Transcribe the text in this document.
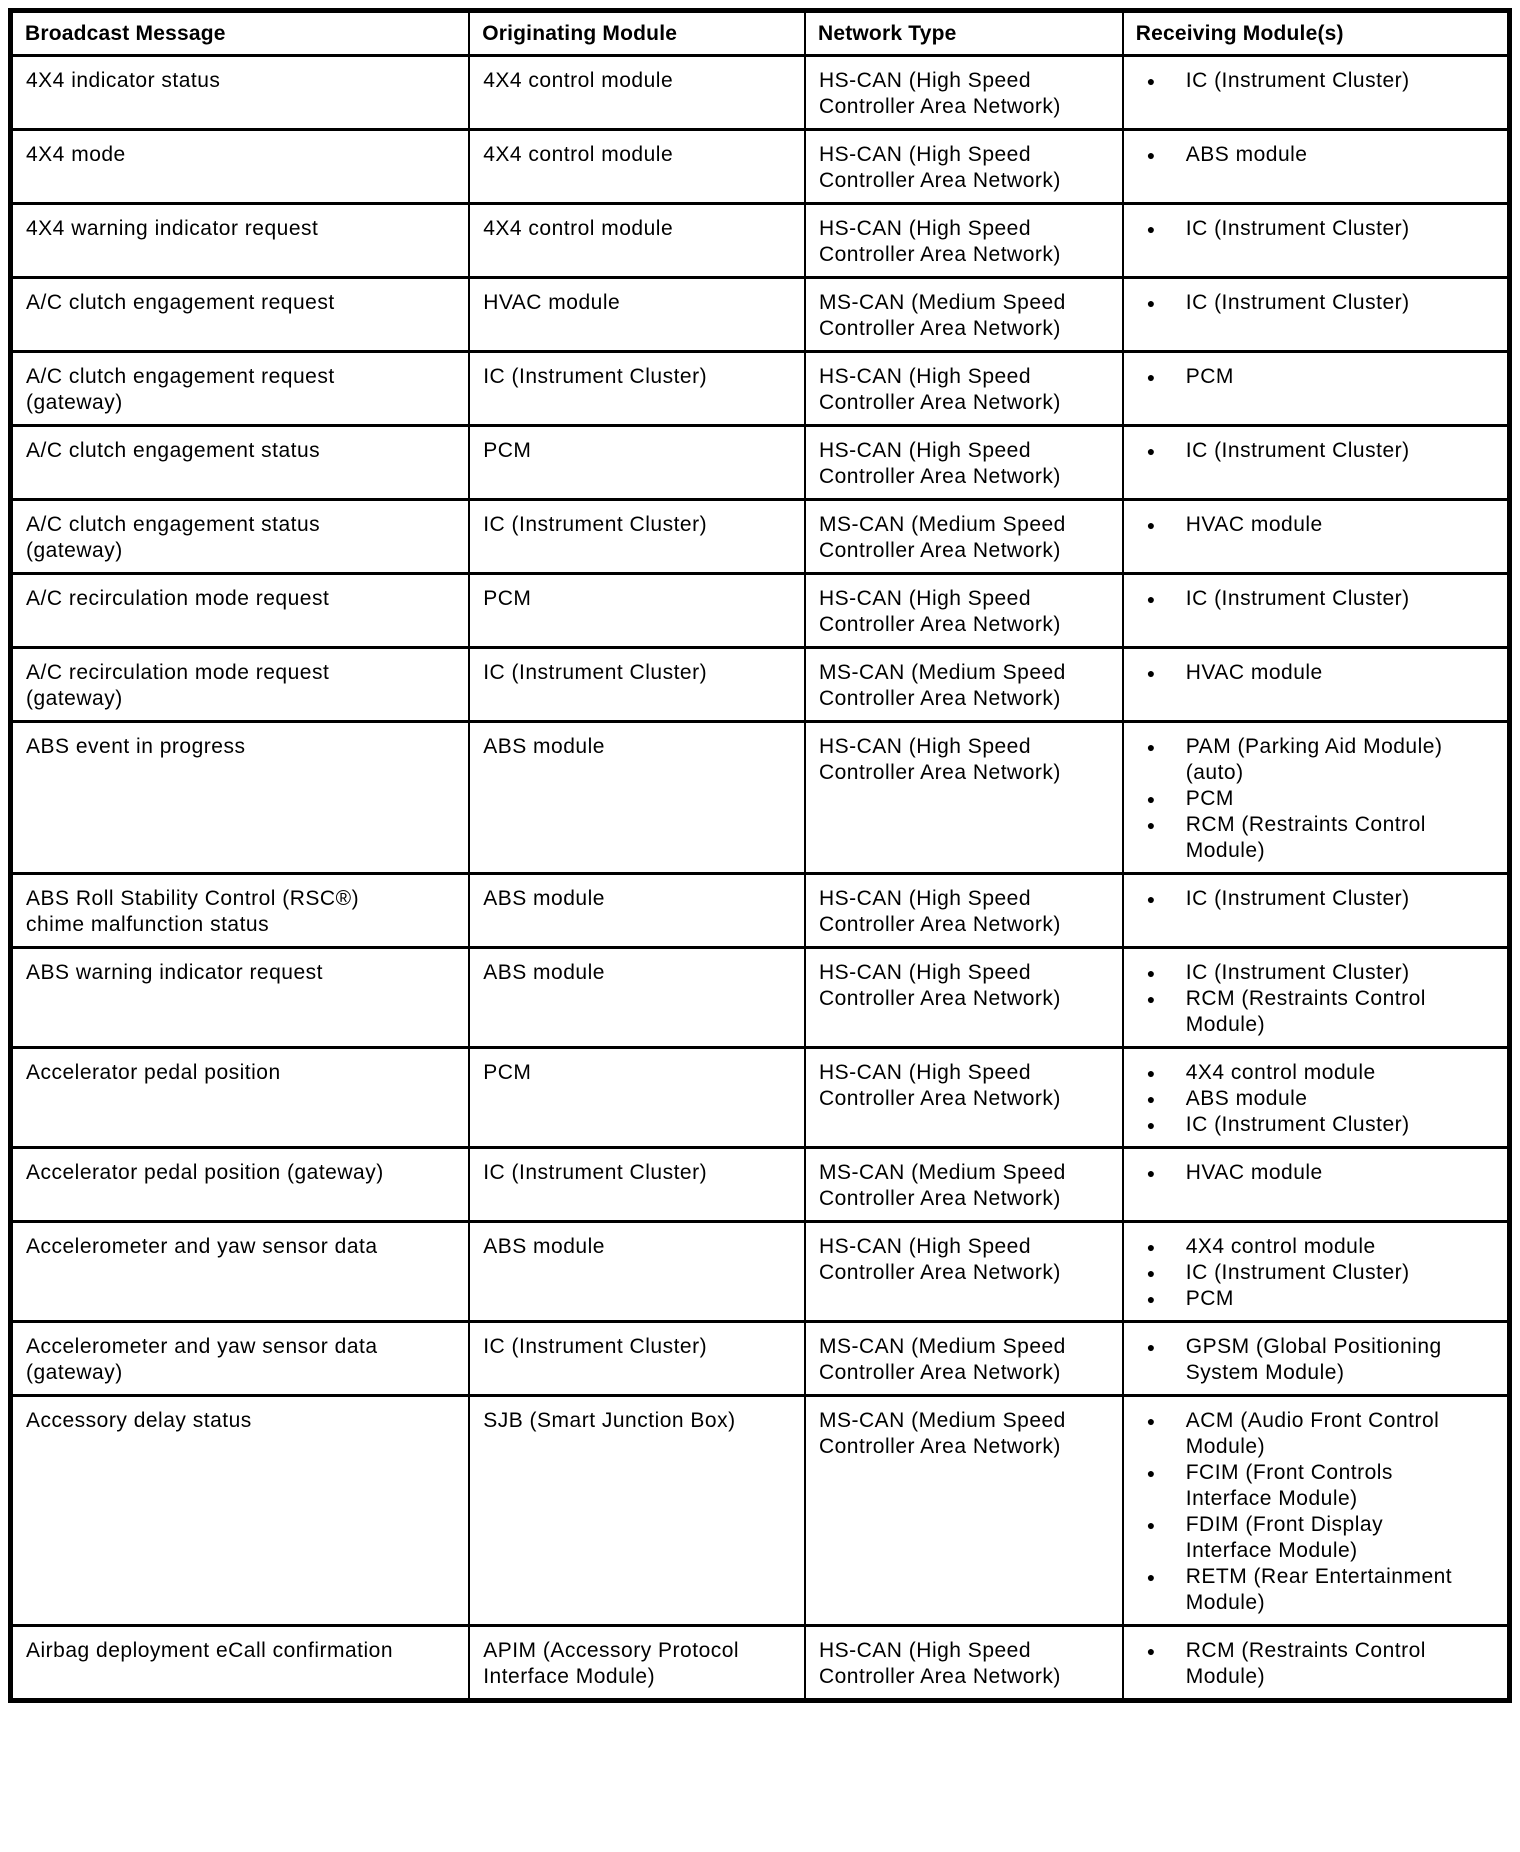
Broadcast Message	Originating Module	Network Type	Receiving Module(s)
4X4 indicator status	4X4 control module	HS-CAN (High Speed Controller Area Network)	
● IC (Instrument Cluster)

4X4 mode	4X4 control module	HS-CAN (High Speed Controller Area Network)	
● ABS module

4X4 warning indicator request	4X4 control module	HS-CAN (High Speed Controller Area Network)	
● IC (Instrument Cluster)

A/C clutch engagement request	HVAC module	MS-CAN (Medium Speed Controller Area Network)	
● IC (Instrument Cluster)

A/C clutch engagement request (gateway)	IC (Instrument Cluster)	HS-CAN (High Speed Controller Area Network)	
● PCM

A/C clutch engagement status	PCM	HS-CAN (High Speed Controller Area Network)	
● IC (Instrument Cluster)

A/C clutch engagement status (gateway)	IC (Instrument Cluster)	MS-CAN (Medium Speed Controller Area Network)	
● HVAC module

A/C recirculation mode request	PCM	HS-CAN (High Speed Controller Area Network)	
● IC (Instrument Cluster)

A/C recirculation mode request (gateway)	IC (Instrument Cluster)	MS-CAN (Medium Speed Controller Area Network)	
● HVAC module

ABS event in progress	ABS module	HS-CAN (High Speed Controller Area Network)	
● PAM (Parking Aid Module) (auto)
● PCM
● RCM (Restraints Control Module)

ABS Roll Stability Control (RSC®) chime malfunction status	ABS module	HS-CAN (High Speed Controller Area Network)	
● IC (Instrument Cluster)

ABS warning indicator request	ABS module	HS-CAN (High Speed Controller Area Network)	
● IC (Instrument Cluster)
● RCM (Restraints Control Module)

Accelerator pedal position	PCM	HS-CAN (High Speed Controller Area Network)	
● 4X4 control module
● ABS module
● IC (Instrument Cluster)

Accelerator pedal position (gateway)	IC (Instrument Cluster)	MS-CAN (Medium Speed Controller Area Network)	
● HVAC module

Accelerometer and yaw sensor data	ABS module	HS-CAN (High Speed Controller Area Network)	
● 4X4 control module
● IC (Instrument Cluster)
● PCM

Accelerometer and yaw sensor data (gateway)	IC (Instrument Cluster)	MS-CAN (Medium Speed Controller Area Network)	
● GPSM (Global Positioning System Module)

Accessory delay status	SJB (Smart Junction Box)	MS-CAN (Medium Speed Controller Area Network)	
● ACM (Audio Front Control Module)
● FCIM (Front Controls Interface Module)
● FDIM (Front Display Interface Module)
● RETM (Rear Entertainment Module)

Airbag deployment eCall confirmation	APIM (Accessory Protocol Interface Module)	HS-CAN (High Speed Controller Area Network)	
● RCM (Restraints Control Module)
